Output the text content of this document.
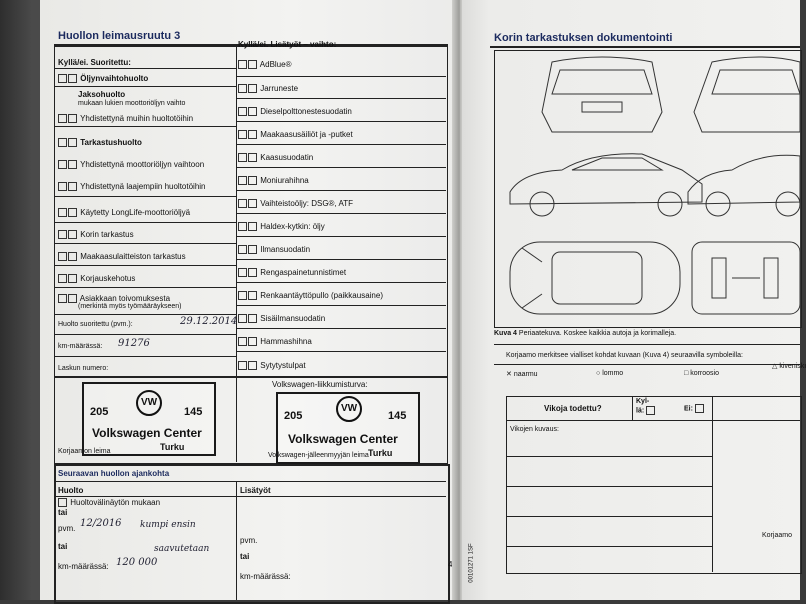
Huollon leimausruutu 3
Kyllä/ei. Lisätyöt – vaihto:
Kyllä/ei. Suoritettu:
Öljynvaihtohuolto
Jaksohuolto
mukaan lukien moottoriöljyn vaihto
Yhdistettynä muihin huoltotöihin
Tarkastushuolto
Yhdistettynä moottoriöljyn vaihtoon
Yhdistettynä laajempiin huoltotöihin
Käytetty LongLife-moottoriöljyä
Korin tarkastus
Maakaasulaitteiston tarkastus
Korjauskehotus
Asiakkaan toivomuksesta
(merkintä myös työmääräykseen)
Huolto suoritettu (pvm.):	29.12.2014
km-määrässä: 91276
Laskun numero:
AdBlue®
Jarruneste
Dieselpolttonestesuodatin
Maakaasusäiliöt ja -putket
Kaasusuodatin
Moniurahihna
Vaihteistoöljy: DSG®, ATF
Haldex-kytkin: öljy
Ilmansuodatin
Rengaspainetunnistimet
Renkaantäyttöpullo (paikkausaine)
Sisäilmansuodatin
Hammashihna
Sytytystulpat
Volkswagen-liikkumisturva:
205
VW
145
Volkswagen Center
Turku
Korjaamon leima
205
VW
145
Volkswagen Center
Turku
Volkswagen-jälleenmyyjän leima
Seuraavan huollon ajankohta
Huolto	Lisätyöt
Huoltovälinäytön mukaan
tai
pvm. 12/2016 kumpi ensin
saavutetaan
tai
km-määrässä: 120 000
pvm.
tai
km-määrässä:
4
Korin tarkastuksen dokumentointi
Kuva 4 Periaatekuva. Koskee kaikkia autoja ja korimalleja.
Korjaamo merkitsee vialliset kohdat kuvaan (Kuva 4) seuraavilla symboleilla:
✕ naarmu	○ lommo	□ korroosio
△ kiveniskı
Vikoja todettu?
Kyl-
lä:	Ei:
Vikojen kuvaus:
Korjaamo
00101271 1SF
